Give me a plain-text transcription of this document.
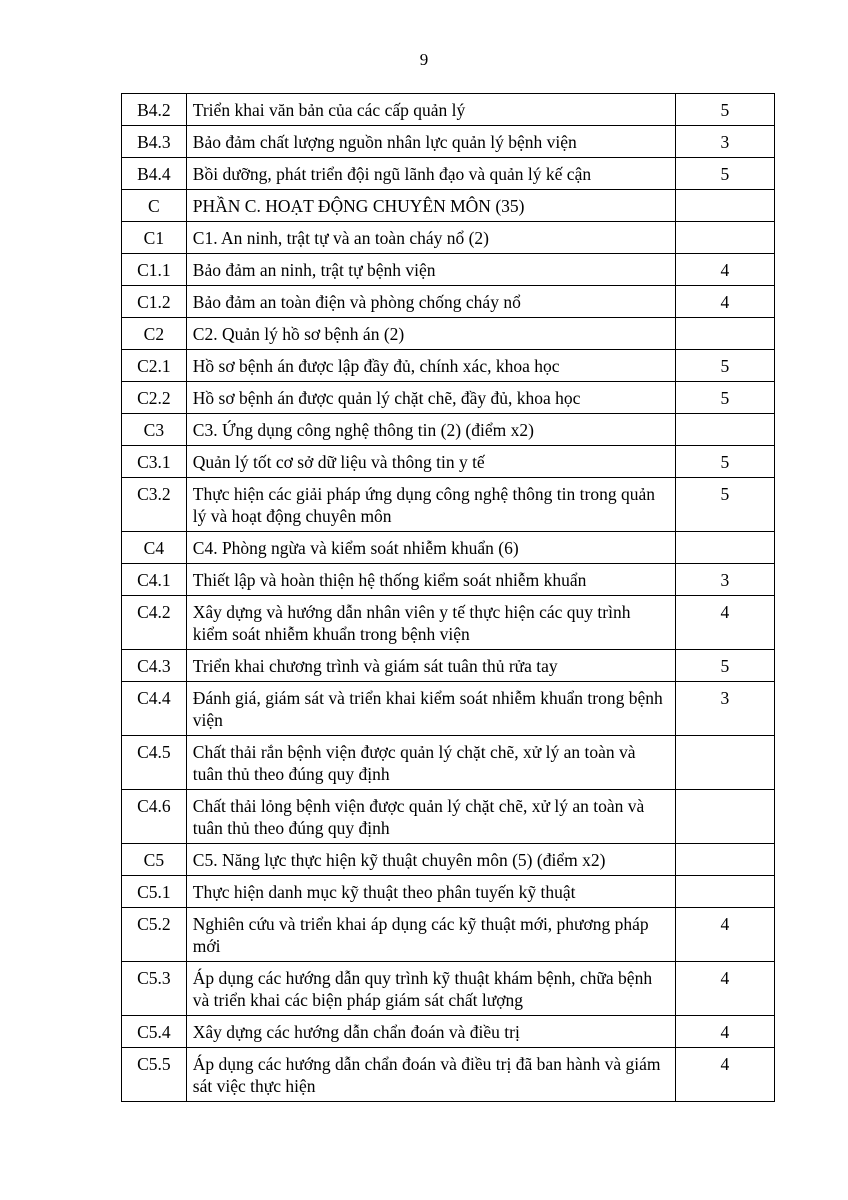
9
B4.2	Triển khai văn bản của các cấp quản lý	5
B4.3	Bảo đảm chất lượng nguồn nhân lực quản lý bệnh viện	3
B4.4	Bồi dưỡng, phát triển đội ngũ lãnh đạo và quản lý kế cận	5
C	PHẦN C. HOẠT ĐỘNG CHUYÊN MÔN (35)	
C1	C1. An ninh, trật tự và an toàn cháy nổ (2)	
C1.1	Bảo đảm an ninh, trật tự bệnh viện	4
C1.2	Bảo đảm an toàn điện và phòng chống cháy nổ	4
C2	C2. Quản lý hồ sơ bệnh án (2)	
C2.1	Hồ sơ bệnh án được lập đầy đủ, chính xác, khoa học	5
C2.2	Hồ sơ bệnh án được quản lý chặt chẽ, đầy đủ, khoa học	5
C3	C3. Ứng dụng công nghệ thông tin (2) (điểm x2)	
C3.1	Quản lý tốt cơ sở dữ liệu và thông tin y tế	5
C3.2	Thực hiện các giải pháp ứng dụng công nghệ thông tin trong quản lý và hoạt động chuyên môn	5
C4	C4. Phòng ngừa và kiểm soát nhiễm khuẩn (6)	
C4.1	Thiết lập và hoàn thiện hệ thống kiểm soát nhiễm khuẩn	3
C4.2	Xây dựng và hướng dẫn nhân viên y tế thực hiện các quy trình kiểm soát nhiễm khuẩn trong bệnh viện	4
C4.3	Triển khai chương trình và giám sát tuân thủ rửa tay	5
C4.4	Đánh giá, giám sát và triển khai kiểm soát nhiễm khuẩn trong bệnh viện	3
C4.5	Chất thải rắn bệnh viện được quản lý chặt chẽ, xử lý an toàn và tuân thủ theo đúng quy định	
C4.6	Chất thải lỏng bệnh viện được quản lý chặt chẽ, xử lý an toàn và tuân thủ theo đúng quy định	
C5	C5. Năng lực thực hiện kỹ thuật chuyên môn (5) (điểm x2)	
C5.1	Thực hiện danh mục kỹ thuật theo phân tuyến kỹ thuật	
C5.2	Nghiên cứu và triển khai áp dụng các kỹ thuật mới, phương pháp mới	4
C5.3	Áp dụng các hướng dẫn quy trình kỹ thuật khám bệnh, chữa bệnh và triển khai các biện pháp giám sát chất lượng	4
C5.4	Xây dựng các hướng dẫn chẩn đoán và điều trị	4
C5.5	Áp dụng các hướng dẫn chẩn đoán và điều trị đã ban hành và giám sát việc thực hiện	4
